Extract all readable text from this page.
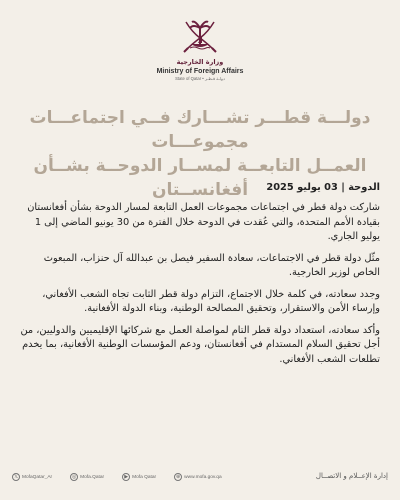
وزارة الخارجية
Ministry of Foreign Affairs
State of Qatar • دولـة قـطـر
دولـــة قطـــر تشـــارك فــي اجتماعـــات مجموعـــات
العمــل التابعــة لمســار الدوحــة بشــأن أفغانســتان	الدوحة | 03 يوليو 2025

شاركت دولة قطر في اجتماعات مجموعات العمل التابعة لمسار الدوحة بشأن أفغانستان بقيادة الأمم المتحدة، والتي عُقدت في الدوحة خلال الفترة من 30 يونيو الماضي إلى 1 يوليو الجاري.

مثّل دولة قطر في الاجتماعات، سعادة السفير فيصل بن عبدالله آل حنزاب، المبعوث الخاص لوزير الخارجية.

وجدد سعادته، في كلمة خلال الاجتماع، التزام دولة قطر الثابت تجاه الشعب الأفغاني، وإرساء الأمن والاستقرار، وتحقيق المصالحة الوطنية، وبناء الدولة الأفغانية.

وأكد سعادته، استعداد دولة قطر التام لمواصلة العمل مع شركائها الإقليميين والدوليين، من أجل تحقيق السلام المستدام في أفغانستان، ودعم المؤسسات الوطنية الأفغانية، بما يخدم تطلعات الشعب الأفغاني.

𝕏 MofaQatar_Ar	◎ Mofa.Qatar	▶ Mofa Qatar	⊕ www.mofa.gov.qa	إدارة الإعــلام و الاتصــال
